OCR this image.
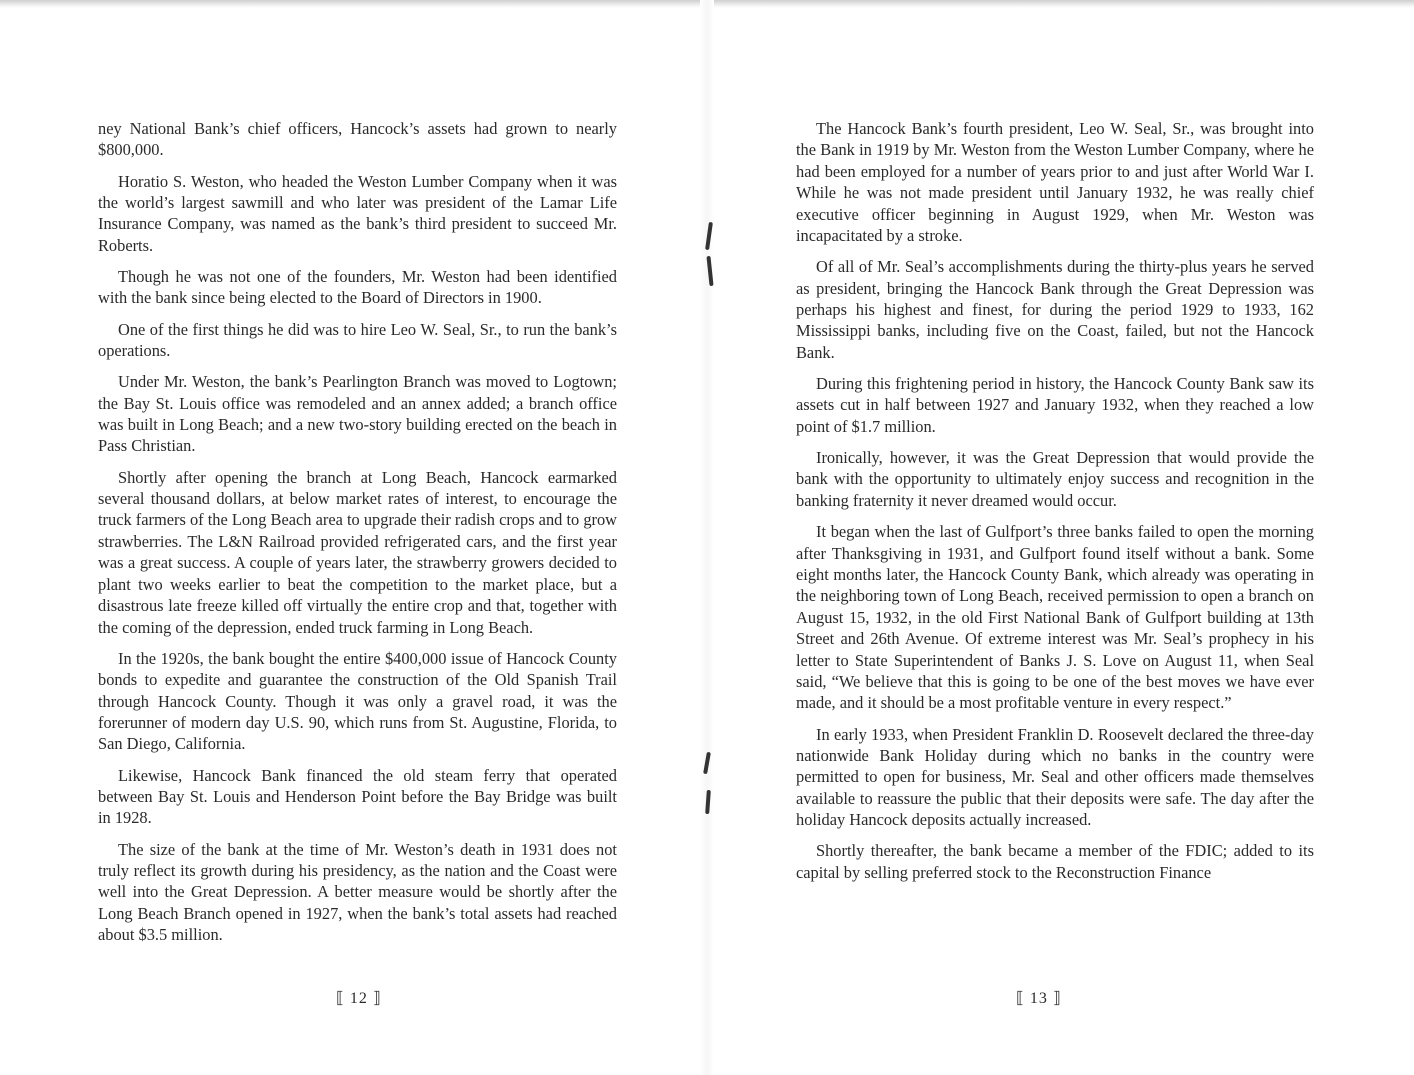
ney National Bank’s chief officers, Hancock’s assets had grown to nearly $800,000.

Horatio S. Weston, who headed the Weston Lumber Company when it was the world’s largest sawmill and who later was president of the Lamar Life Insurance Company, was named as the bank’s third president to succeed Mr. Roberts.

Though he was not one of the founders, Mr. Weston had been identified with the bank since being elected to the Board of Directors in 1900.

One of the first things he did was to hire Leo W. Seal, Sr., to run the bank’s operations.

Under Mr. Weston, the bank’s Pearlington Branch was moved to Logtown; the Bay St. Louis office was remodeled and an annex added; a branch office was built in Long Beach; and a new two-story building erected on the beach in Pass Christian.

Shortly after opening the branch at Long Beach, Hancock earmarked several thousand dollars, at below market rates of interest, to encourage the truck farmers of the Long Beach area to upgrade their radish crops and to grow strawberries. The L&N Railroad provided refrigerated cars, and the first year was a great success. A couple of years later, the strawberry growers decided to plant two weeks earlier to beat the competition to the market place, but a disastrous late freeze killed off virtually the entire crop and that, together with the coming of the depression, ended truck farming in Long Beach.

In the 1920s, the bank bought the entire $400,000 issue of Hancock County bonds to expedite and guarantee the construction of the Old Spanish Trail through Hancock County. Though it was only a gravel road, it was the forerunner of modern day U.S. 90, which runs from St. Augustine, Florida, to San Diego, California.

Likewise, Hancock Bank financed the old steam ferry that operated between Bay St. Louis and Henderson Point before the Bay Bridge was built in 1928.

The size of the bank at the time of Mr. Weston’s death in 1931 does not truly reflect its growth during his presidency, as the nation and the Coast were well into the Great Depression. A better measure would be shortly after the Long Beach Branch opened in 1927, when the bank’s total assets had reached about $3.5 million.

⟦ 12 ⟧

The Hancock Bank’s fourth president, Leo W. Seal, Sr., was brought into the Bank in 1919 by Mr. Weston from the Weston Lumber Company, where he had been employed for a number of years prior to and just after World War I. While he was not made president until January 1932, he was really chief executive officer beginning in August 1929, when Mr. Weston was incapacitated by a stroke.

Of all of Mr. Seal’s accomplishments during the thirty-plus years he served as president, bringing the Hancock Bank through the Great Depression was perhaps his highest and finest, for during the period 1929 to 1933, 162 Mississippi banks, including five on the Coast, failed, but not the Hancock Bank.

During this frightening period in history, the Hancock County Bank saw its assets cut in half between 1927 and January 1932, when they reached a low point of $1.7 million.

Ironically, however, it was the Great Depression that would provide the bank with the opportunity to ultimately enjoy success and recognition in the banking fraternity it never dreamed would occur.

It began when the last of Gulfport’s three banks failed to open the morning after Thanksgiving in 1931, and Gulfport found itself without a bank. Some eight months later, the Hancock County Bank, which already was operating in the neighboring town of Long Beach, received permission to open a branch on August 15, 1932, in the old First National Bank of Gulfport building at 13th Street and 26th Avenue. Of extreme interest was Mr. Seal’s prophecy in his letter to State Superintendent of Banks J. S. Love on August 11, when Seal said, “We believe that this is going to be one of the best moves we have ever made, and it should be a most profitable venture in every respect.”

In early 1933, when President Franklin D. Roosevelt declared the three-day nationwide Bank Holiday during which no banks in the country were permitted to open for business, Mr. Seal and other officers made themselves available to reassure the public that their deposits were safe. The day after the holiday Hancock deposits actually increased.

Shortly thereafter, the bank became a member of the FDIC; added to its capital by selling preferred stock to the Reconstruction Finance

⟦ 13 ⟧
